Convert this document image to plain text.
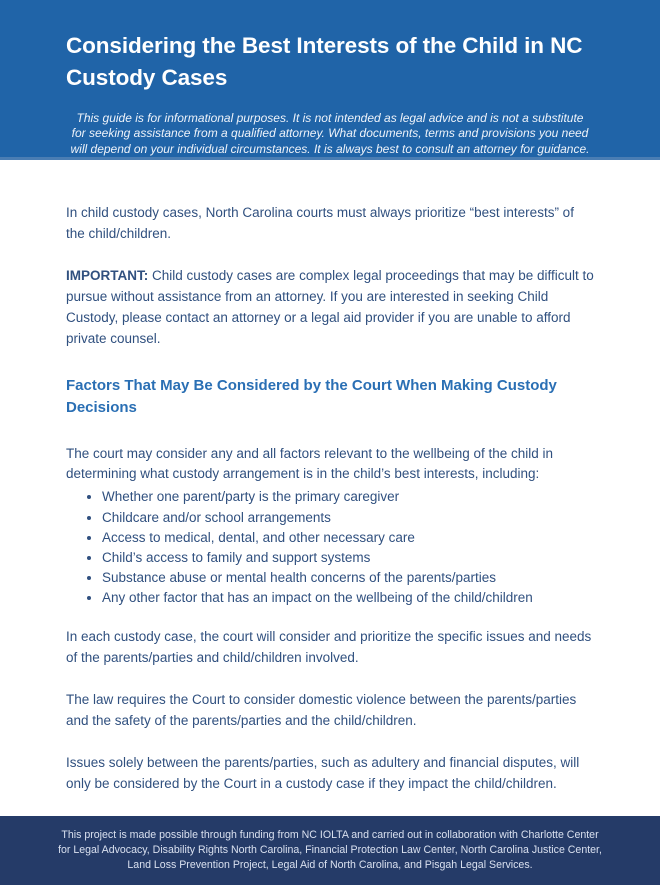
Considering the Best Interests of the Child in NC Custody Cases

This guide is for informational purposes. It is not intended as legal advice and is not a substitute for seeking assistance from a qualified attorney. What documents, terms and provisions you need will depend on your individual circumstances. It is always best to consult an attorney for guidance.

In child custody cases, North Carolina courts must always prioritize “best interests” of the child/children.

IMPORTANT: Child custody cases are complex legal proceedings that may be difficult to pursue without assistance from an attorney. If you are interested in seeking Child Custody, please contact an attorney or a legal aid provider if you are unable to afford private counsel.

Factors That May Be Considered by the Court When Making Custody Decisions

The court may consider any and all factors relevant to the wellbeing of the child in determining what custody arrangement is in the child’s best interests, including:

• Whether one parent/party is the primary caregiver
• Childcare and/or school arrangements
• Access to medical, dental, and other necessary care
• Child’s access to family and support systems
• Substance abuse or mental health concerns of the parents/parties
• Any other factor that has an impact on the wellbeing of the child/children

In each custody case, the court will consider and prioritize the specific issues and needs of the parents/parties and child/children involved.

The law requires the Court to consider domestic violence between the parents/parties and the safety of the parents/parties and the child/children.

Issues solely between the parents/parties, such as adultery and financial disputes, will only be considered by the Court in a custody case if they impact the child/children.

This project is made possible through funding from NC IOLTA and carried out in collaboration with Charlotte Center for Legal Advocacy, Disability Rights North Carolina, Financial Protection Law Center, North Carolina Justice Center, Land Loss Prevention Project, Legal Aid of North Carolina, and Pisgah Legal Services.
